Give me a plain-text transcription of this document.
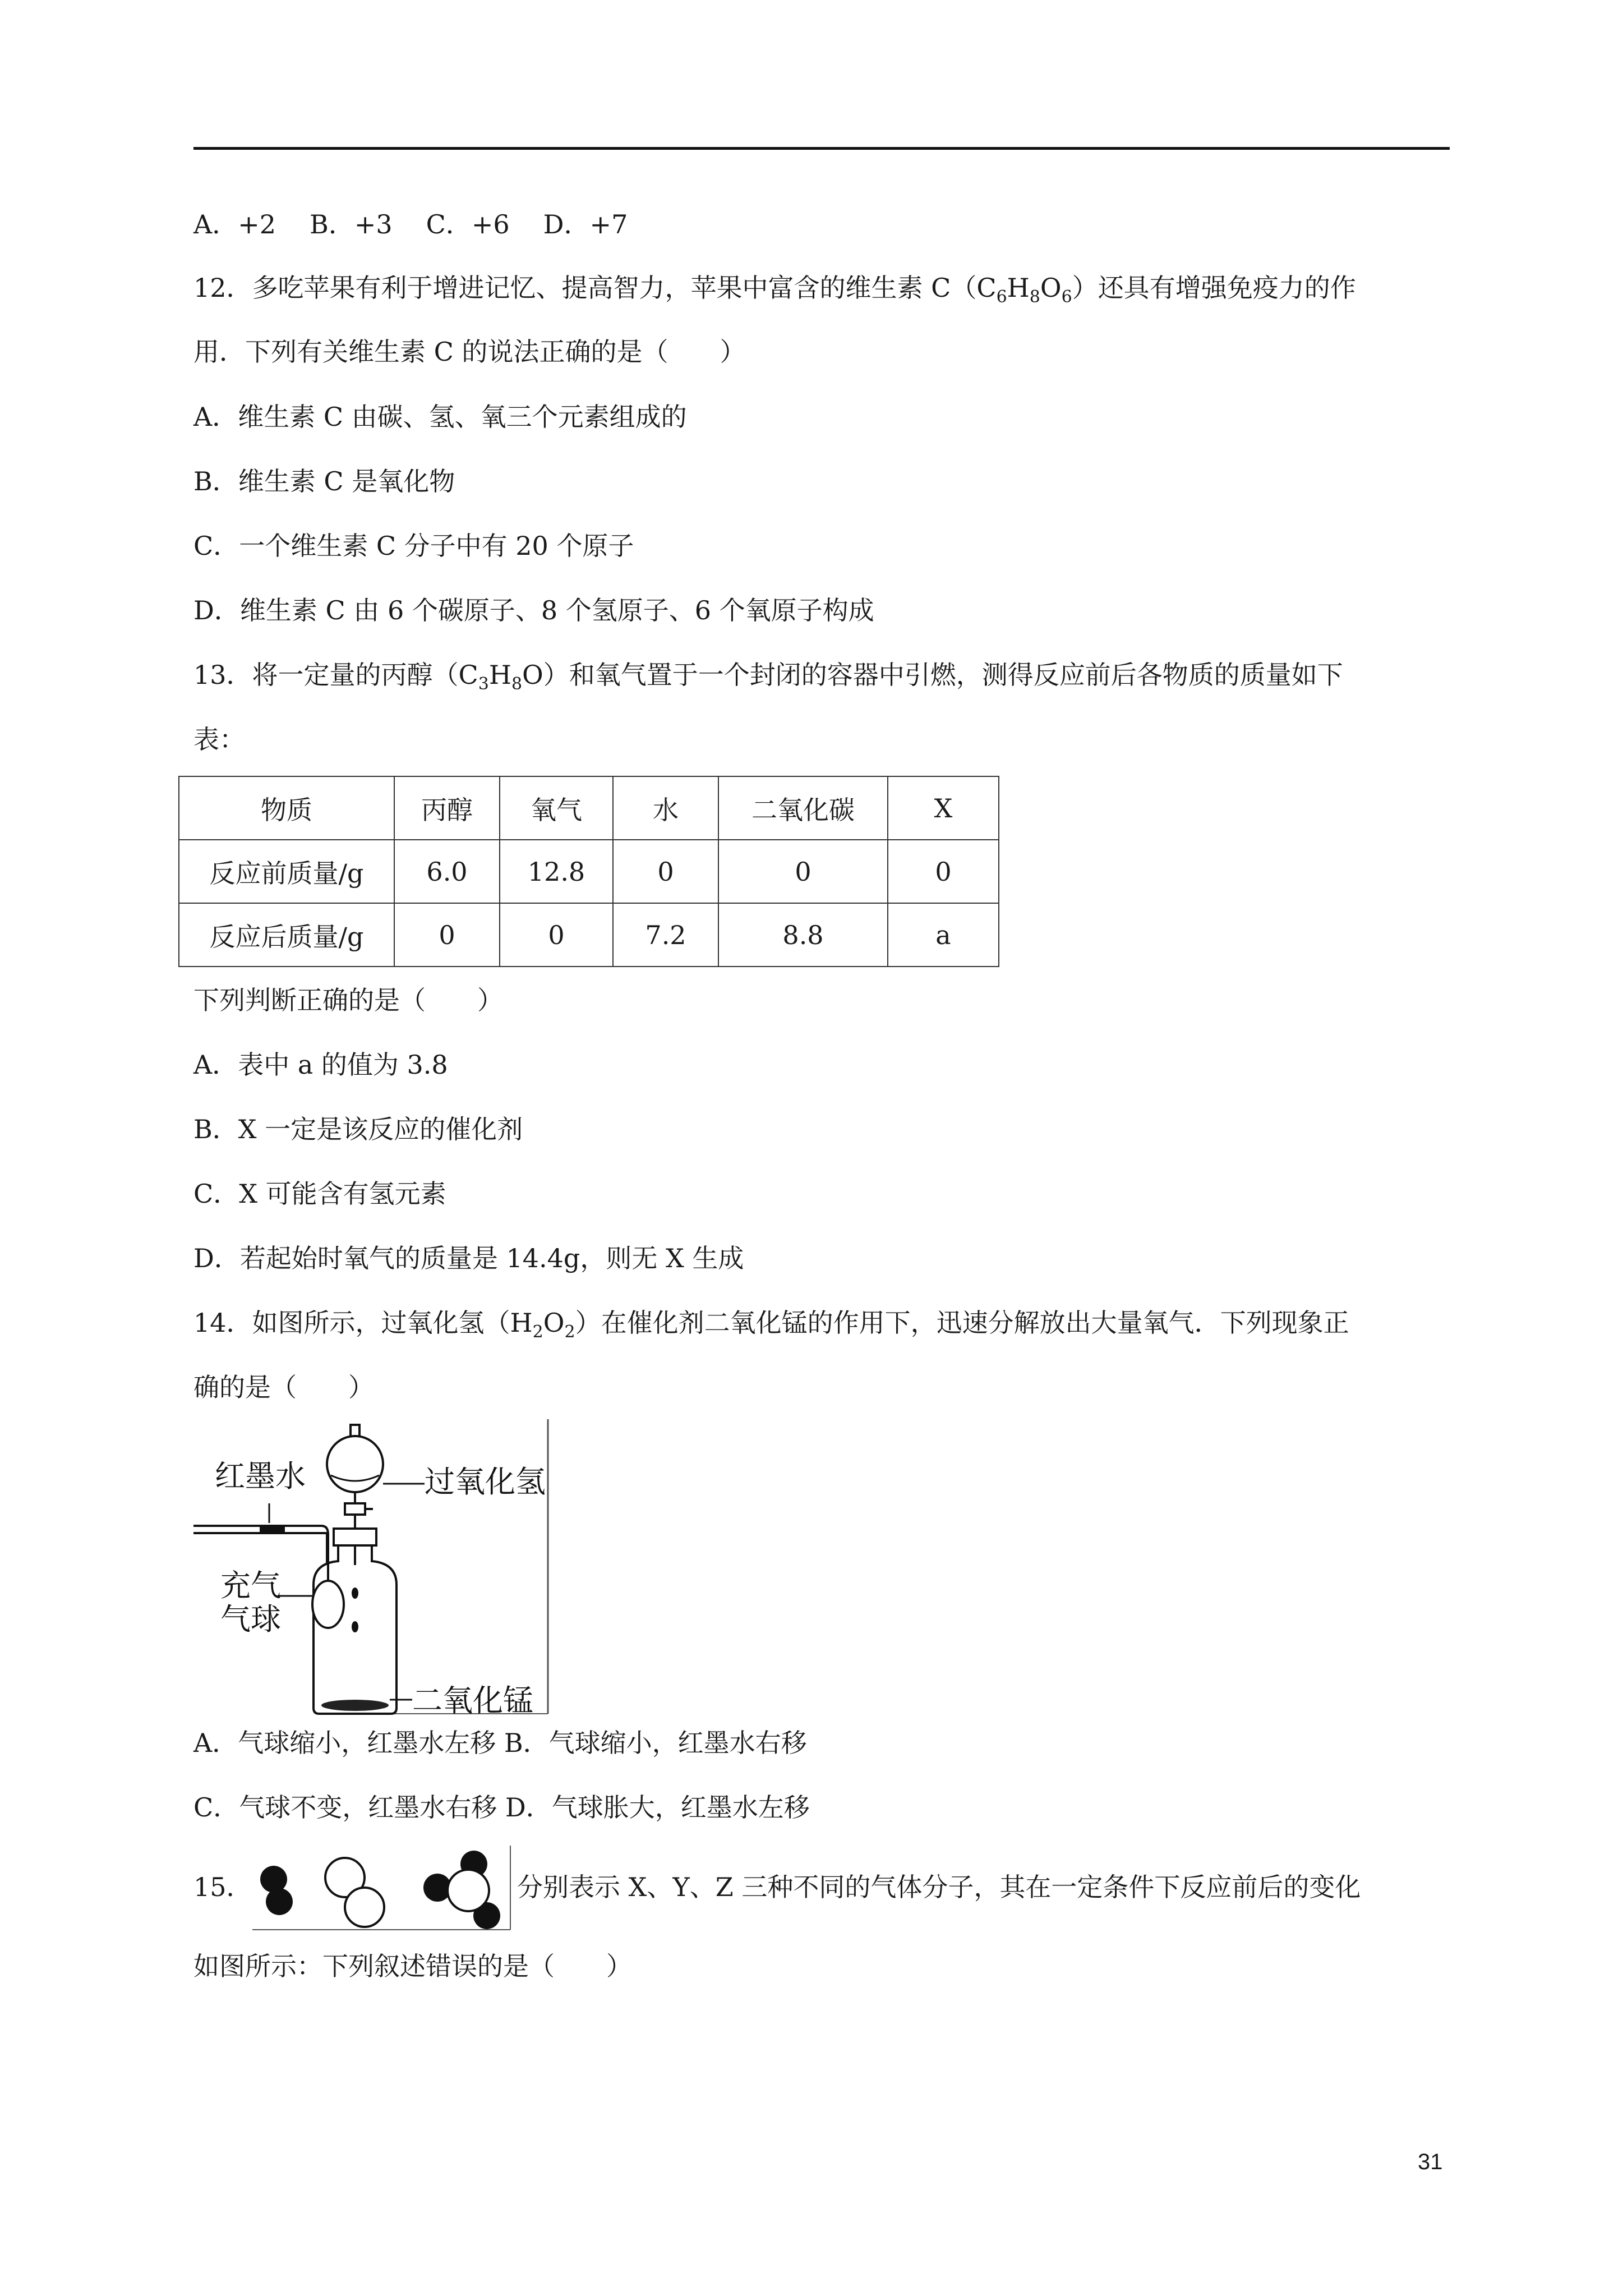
A．+2 B．+3 C．+6 D．+7
12．多吃苹果有利于增进记忆、提高智力，苹果中富含的维生素 $C(C_6H_8O_6)$还具有增强免疫力的作
用．下列有关维生素 C 的说法正确的是（　　）
A．维生素 C 由碳、氢、氧三个元素组成的
B．维生素 C 是氧化物
C．一个维生素 C 分子中有 20 个原子
D．维生素 C 由 6 个碳原子、8 个氢原子、6 个氧原子构成
13．将一定量的丙醇$(C_3H_8O)$和氧气置于一个封闭的容器中引燃，测得反应前后各物质的质量如下
表：
物质	丙醇	氧气	水	二氧化碳	X
反应前质量/g	6.0	12.8	0	0	0
反应后质量/g	0	0	7.2	8.8	a
下列判断正确的是（　　）
A．表中 a 的值为 3.8
B．X 一定是该反应的催化剂
C．X 可能含有氢元素
D．若起始时氧气的质量是 14.4g，则无 X 生成
14．如图所示，过氧化氢$(H_2O_2)$在催化剂二氧化锰的作用下，迅速分解放出大量氧气．下列现象正
确的是（　　）
红墨水	过氧化氢
充气
气球
二氧化锰
A．气球缩小，红墨水左移 B．气球缩小，红墨水右移
C．气球不变，红墨水右移 D．气球胀大，红墨水左移
15．	分别表示 X、Y、Z 三种不同的气体分子，其在一定条件下反应前后的变化
如图所示：下列叙述错误的是（　　）
31
